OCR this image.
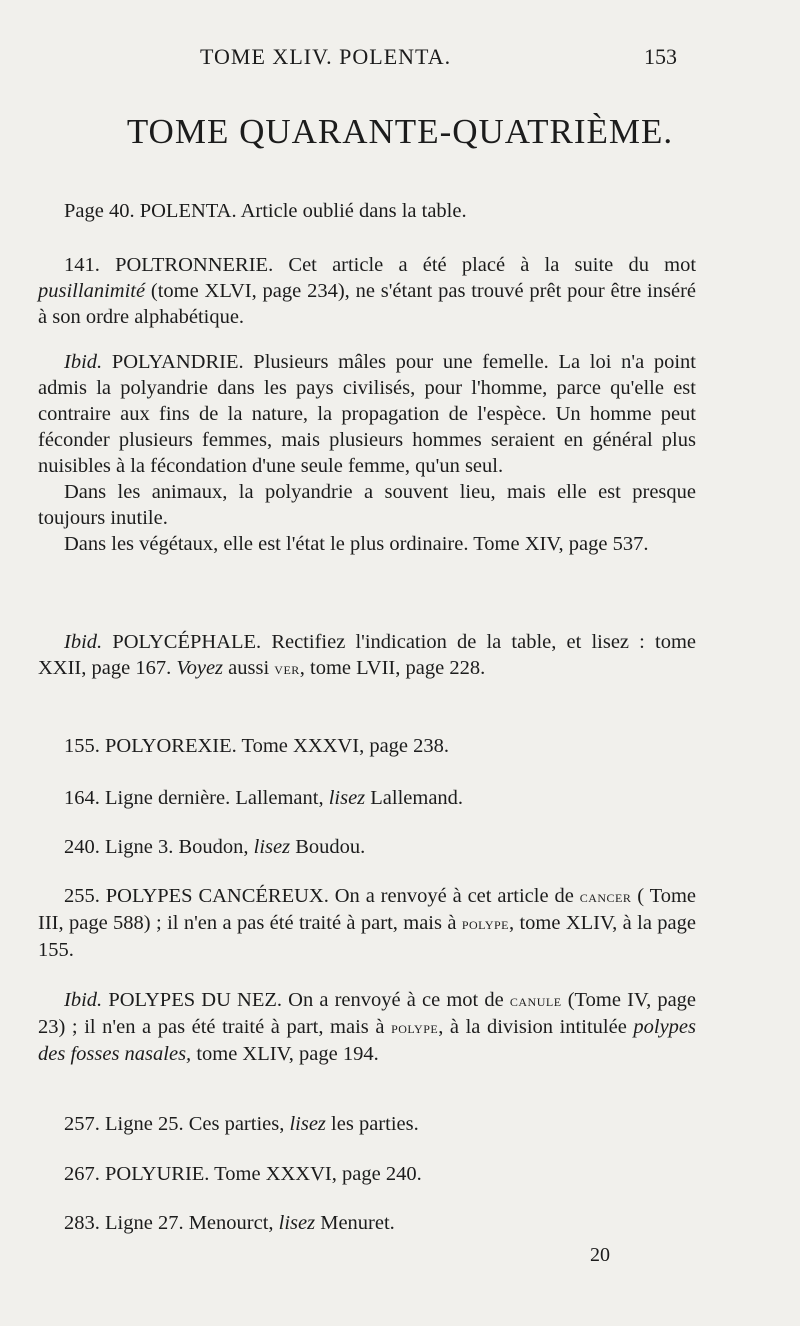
TOME XLIV. POLENTA.	153
TOME QUARANTE-QUATRIÈME.

Page 40. POLENTA. Article oublié dans la table.

141. POLTRONNERIE. Cet article a été placé à la suite du mot pusillanimité (tome XLVI, page 234), ne s'étant pas trouvé prêt pour être inséré à son ordre alphabétique.

Ibid. POLYANDRIE. Plusieurs mâles pour une femelle. La loi n'a point admis la polyandrie dans les pays civilisés, pour l'homme, parce qu'elle est contraire aux fins de la nature, la propagation de l'espèce. Un homme peut féconder plusieurs femmes, mais plusieurs hommes seraient en général plus nuisibles à la fécondation d'une seule femme, qu'un seul.

Dans les animaux, la polyandrie a souvent lieu, mais elle est presque toujours inutile.

Dans les végétaux, elle est l'état le plus ordinaire. Tome XIV, page 537.

Ibid. POLYCÉPHALE. Rectifiez l'indication de la table, et lisez : tome XXII, page 167. Voyez aussi ver, tome LVII, page 228.

155. POLYOREXIE. Tome XXXVI, page 238.

164. Ligne dernière. Lallemant, lisez Lallemand.

240. Ligne 3. Boudon, lisez Boudou.

255. POLYPES CANCÉREUX. On a renvoyé à cet article de cancer ( Tome III, page 588) ; il n'en a pas été traité à part, mais à polype, tome XLIV, à la page 155.

Ibid. POLYPES DU NEZ. On a renvoyé à ce mot de canule (Tome IV, page 23) ; il n'en a pas été traité à part, mais à polype, à la division intitulée polypes des fosses nasales, tome XLIV, page 194.

257. Ligne 25. Ces parties, lisez les parties.

267. POLYURIE. Tome XXXVI, page 240.

283. Ligne 27. Menourct, lisez Menuret.

20
